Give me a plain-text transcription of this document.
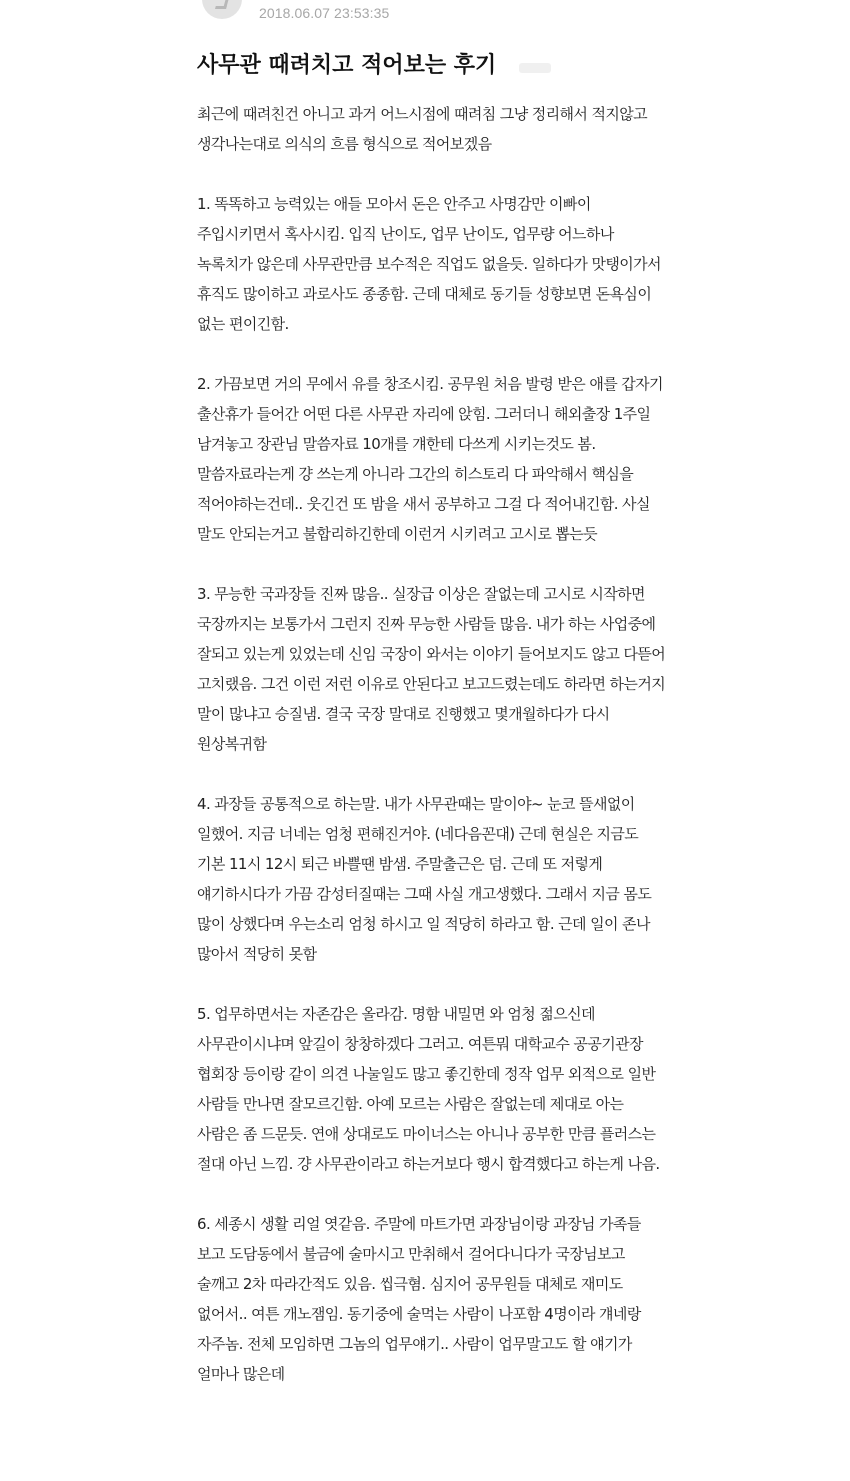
2018.06.07 23:53:35
사무관 때려치고 적어보는 후기

최근에 때려친건 아니고 과거 어느시점에 때려침 그냥 정리해서 적지않고 생각나는대로 의식의 흐름 형식으로 적어보겠음

1. 똑똑하고 능력있는 애들 모아서 돈은 안주고 사명감만 이빠이 주입시키면서 혹사시킴. 입직 난이도, 업무 난이도, 업무량 어느하나 녹록치가 않은데 사무관만큼 보수적은 직업도 없을듯. 일하다가 맛탱이가서 휴직도 많이하고 과로사도 종종함. 근데 대체로 동기들 성향보면 돈욕심이 없는 편이긴함.

2. 가끔보면 거의 무에서 유를 창조시킴. 공무원 처음 발령 받은 애를 갑자기 출산휴가 들어간 어떤 다른 사무관 자리에 앉힘. 그러더니 해외출장 1주일 남겨놓고 장관님 말씀자료 10개를 걔한테 다쓰게 시키는것도 봄. 말씀자료라는게 걍 쓰는게 아니라 그간의 히스토리 다 파악해서 핵심을 적어야하는건데.. 웃긴건 또 밤을 새서 공부하고 그걸 다 적어내긴함. 사실 말도 안되는거고 불합리하긴한데 이런거 시키려고 고시로 뽑는듯

3. 무능한 국과장들 진짜 많음.. 실장급 이상은 잘없는데 고시로 시작하면 국장까지는 보통가서 그런지 진짜 무능한 사람들 많음. 내가 하는 사업중에 잘되고 있는게 있었는데 신임 국장이 와서는 이야기 들어보지도 않고 다뜯어 고치랬음. 그건 이런 저런 이유로 안된다고 보고드렸는데도 하라면 하는거지 말이 많냐고 승질냄. 결국 국장 말대로 진행했고 몇개월하다가 다시 원상복귀함

4. 과장들 공통적으로 하는말. 내가 사무관때는 말이야~ 눈코 뜰새없이 일했어. 지금 너네는 엄청 편해진거야. (네다음꼰대) 근데 현실은 지금도 기본 11시 12시 퇴근 바쁠땐 밤샘. 주말출근은 덤. 근데 또 저렇게 얘기하시다가 가끔 감성터질때는 그때 사실 개고생했다. 그래서 지금 몸도 많이 상했다며 우는소리 엄청 하시고 일 적당히 하라고 함. 근데 일이 존나 많아서 적당히 못함

5. 업무하면서는 자존감은 올라감. 명함 내밀면 와 엄청 젊으신데 사무관이시냐며 앞길이 창창하겠다 그러고. 여튼뭐 대학교수 공공기관장 협회장 등이랑 같이 의견 나눌일도 많고 좋긴한데 정작 업무 외적으로 일반 사람들 만나면 잘모르긴함. 아예 모르는 사람은 잘없는데 제대로 아는 사람은 좀 드문듯. 연애 상대로도 마이너스는 아니나 공부한 만큼 플러스는 절대 아닌 느낌. 걍 사무관이라고 하는거보다 행시 합격했다고 하는게 나음.

6. 세종시 생활 리얼 엿같음. 주말에 마트가면 과장님이랑 과장님 가족들 보고 도담동에서 불금에 술마시고 만취해서 걸어다니다가 국장님보고 술깨고 2차 따라간적도 있음. 씹극혐. 심지어 공무원들 대체로 재미도 없어서.. 여튼 개노잼임. 동기중에 술먹는 사람이 나포함 4명이라 걔네랑 자주놈. 전체 모임하면 그놈의 업무얘기.. 사람이 업무말고도 할 얘기가 얼마나 많은데
